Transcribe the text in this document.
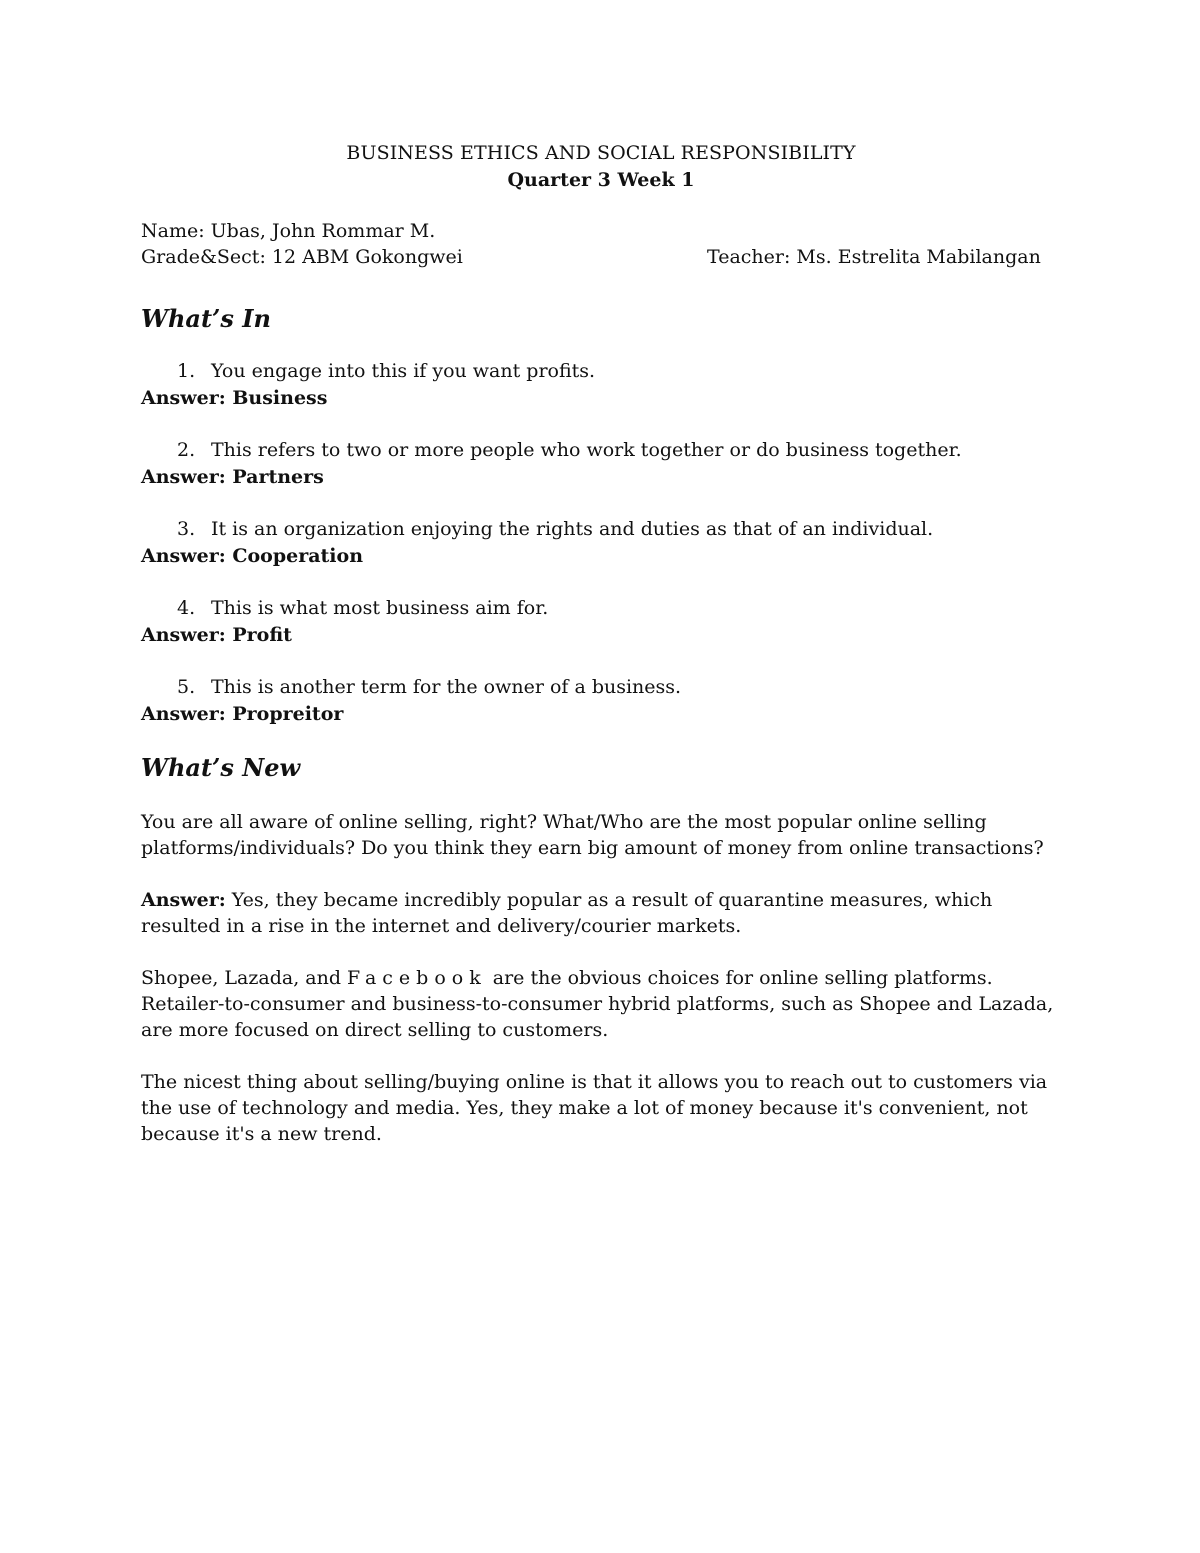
BUSINESS ETHICS AND SOCIAL RESPONSIBILITY
Quarter 3 Week 1
Name: Ubas, John Rommar M.
Grade&Sect: 12 ABM Gokongwei	Teacher: Ms. Estrelita Mabilangan
What’s In
1. You engage into this if you want profits.
Answer: Business
2. This refers to two or more people who work together or do business together.
Answer: Partners
3. It is an organization enjoying the rights and duties as that of an individual.
Answer: Cooperation
4. This is what most business aim for.
Answer: Profit
5. This is another term for the owner of a business.
Answer: Propreitor
What’s New

You are all aware of online selling, right? What/Who are the most popular online selling platforms/individuals? Do you think they earn big amount of money from online transactions?

Answer: Yes, they became incredibly popular as a result of quarantine measures, which resulted in a rise in the internet and delivery/courier markets.

Shopee, Lazada, and Facebook are the obvious choices for online selling platforms. Retailer-to-consumer and business-to-consumer hybrid platforms, such as Shopee and Lazada, are more focused on direct selling to customers.

The nicest thing about selling/buying online is that it allows you to reach out to customers via the use of technology and media. Yes, they make a lot of money because it's convenient, not because it's a new trend.
